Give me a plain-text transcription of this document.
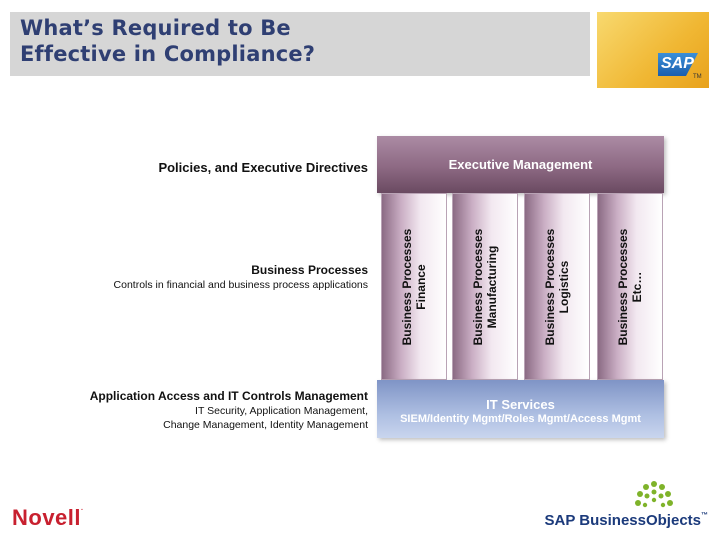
What’s Required to Be
Effective in Compliance?	SAP
TM
Policies, and Executive Directives
Business Processes
Controls in financial and business process applications
Application Access and IT Controls Management
IT Security, Application Management,
Change Management, Identity Management
Executive Management
Business Processes Finance	Business Processes Manufacturing	Business Processes Logistics	Business Processes Etc…
IT Services
SIEM/Identity Mgmt/Roles Mgmt/Access Mgmt
Novell.
SAP BusinessObjects™
